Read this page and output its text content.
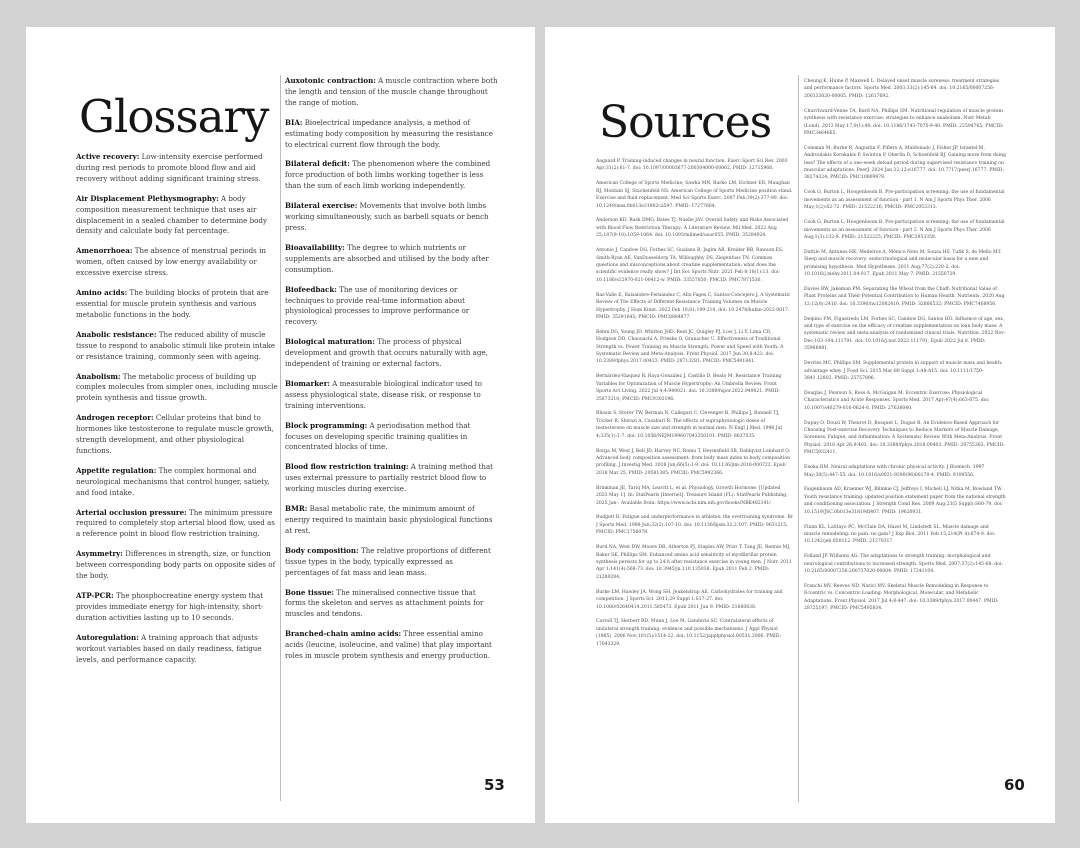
Glossary

Active recovery: Low-intensity exercise performed during rest periods to promote blood flow and aid recovery without adding significant training stress.

Air Displacement Plethysmography: A body composition measurement technique that uses air displacement in a sealed chamber to determine body density and calculate body fat percentage.

Amenorrhoea: The absence of menstrual periods in women, often caused by low energy availability or excessive exercise stress.

Amino acids: The building blocks of protein that are essential for muscle protein synthesis and various metabolic functions in the body.

Anabolic resistance: The reduced ability of muscle tissue to respond to anabolic stimuli like protein intake or resistance training, commonly seen with ageing.

Anabolism: The metabolic process of building up complex molecules from simpler ones, including muscle protein synthesis and tissue growth.

Androgen receptor: Cellular proteins that bind to hormones like testosterone to regulate muscle growth, strength development, and other physiological functions.

Appetite regulation: The complex hormonal and neurological mechanisms that control hunger, satiety, and food intake.

Arterial occlusion pressure: The minimum pressure required to completely stop arterial blood flow, used as a reference point in blood flow restriction training.

Asymmetry: Differences in strength, size, or function between corresponding body parts on opposite sides of the body.

ATP-PCR: The phosphocreatine energy system that provides immediate energy for high-intensity, short-duration activities lasting up to 10 seconds.

Autoregulation: A training approach that adjusts workout variables based on daily readiness, fatigue levels, and performance capacity.

Auxotonic contraction: A muscle contraction where both the length and tension of the muscle change throughout the range of motion.

BIA: Bioelectrical impedance analysis, a method of estimating body composition by measuring the resistance to electrical current flow through the body.

Bilateral deficit: The phenomenon where the combined force production of both limbs working together is less than the sum of each limb working independently.

Bilateral exercise: Movements that involve both limbs working simultaneously, such as barbell squats or bench press.

Bioavailability: The degree to which nutrients or supplements are absorbed and utilised by the body after consumption.

Biofeedback: The use of monitoring devices or techniques to provide real-time information about physiological processes to improve performance or recovery.

Biological maturation: The process of physical development and growth that occurs naturally with age, independent of training or external factors.

Biomarker: A measurable biological indicator used to assess physiological state, disease risk, or response to training interventions.

Block programming: A periodisation method that focuses on developing specific training qualities in concentrated blocks of time.

Blood flow restriction training: A training method that uses external pressure to partially restrict blood flow to working muscles during exercise.

BMR: Basal metabolic rate, the minimum amount of energy required to maintain basic physiological functions at rest.

Body composition: The relative proportions of different tissue types in the body, typically expressed as percentages of fat mass and lean mass.

Bone tissue: The mineralised connective tissue that forms the skeleton and serves as attachment points for muscles and tendons.

Branched-chain amino acids: Three essential amino acids (leucine, isoleucine, and valine) that play important roles in muscle protein synthesis and energy production.

53
Sources

Aagaard P. Training-induced changes in neural function. Exerc Sport Sci Rev. 2003 Apr;31(2):61-7. doi: 10.1097/00003677-200304000-00002. PMID: 12715968.

American College of Sports Medicine; Sawka MN, Burke LM, Eichner ER, Maughan RJ, Montain SJ, Stachenfeld NS. American College of Sports Medicine position stand. Exercise and fluid replacement. Med Sci Sports Exerc. 2007 Feb;39(2):377-90. doi: 10.1249/mss.0b013e31802ca597. PMID: 17277604.

Anderson KD, Rask DMG, Bates TJ, Nuelle JAV. Overall Safety and Risks Associated with Blood Flow Restriction Therapy: A Literature Review. Mil Med. 2022 Aug 25;187(9-10):1059-1064. doi: 10.1093/milmed/usac055. PMID: 35284924.

Antonio J, Candow DG, Forbes SC, Gualano B, Jagim AR, Kreider RB, Rawson ES, Smith-Ryan AE, VanDusseldorp TA, Willoughby DS, Ziegenfuss TN. Common questions and misconceptions about creatine supplementation: what does the scientific evidence really show? J Int Soc Sports Nutr. 2021 Feb 8;18(1):13. doi: 10.1186/s12970-021-00412-w. PMID: 33557850; PMCID: PMC7871530.

Baz-Valle E, Balsalobre-Fernández C, Alix-Fages C, Santos-Concejero J. A Systematic Review of The Effects of Different Resistance Training Volumes on Muscle Hypertrophy. J Hum Kinet. 2022 Feb 10;81:199-210. doi: 10.2478/hukin-2022-0017. PMID: 35291645; PMCID: PMC8884877.

Behm DG, Young JD, Whitten JHD, Reid JC, Quigley PJ, Low J, Li Y, Lima CD, Hodgson DD, Chaouachi A, Prieske O, Granacher U. Effectiveness of Traditional Strength vs. Power Training on Muscle Strength, Power and Speed with Youth: A Systematic Review and Meta-Analysis. Front Physiol. 2017 Jun 30;8:423. doi: 10.3389/fphys.2017.00423. PMID: 28713281; PMCID: PMC5491841.

Bernárdez-Vázquez R, Raya-González J, Castillo D, Beato M. Resistance Training Variables for Optimization of Muscle Hypertrophy: An Umbrella Review. Front Sports Act Living. 2022 Jul 4;4:949021. doi: 10.3389/fspor.2022.949021. PMID: 35873210; PMCID: PMC9302196.

Bhasin S, Storer TW, Berman N, Callegari C, Clevenger B, Phillips J, Bunnell TJ, Tricker R, Shirazi A, Casaburi R. The effects of supraphysiologic doses of testosterone on muscle size and strength in normal men. N Engl J Med. 1996 Jul 4;335(1):1-7. doi: 10.1056/NEJM199607043350101. PMID: 8637535.

Borga M, West J, Bell JD, Harvey NC, Romu T, Heymsfield SB, Dahlqvist Leinhard O. Advanced body composition assessment: from body mass index to body composition profiling. J Investig Med. 2018 Jun;66(5):1-9. doi: 10.1136/jim-2018-000722. Epub 2018 Mar 25. PMID: 29581385; PMCID: PMC5992366.

Brinkman JE, Tariq MA, Leavitt L, et al. Physiology, Growth Hormone. [Updated 2023 May 1]. In: StatPearls [Internet]. Treasure Island (FL): StatPearls Publishing; 2025 Jan-. Available from: https://www.ncbi.nlm.nih.gov/books/NBK482141/

Budgett R. Fatigue and underperformance in athletes: the overtraining syndrome. Br J Sports Med. 1998 Jun;32(2):107-10. doi: 10.1136/bjsm.32.2.107. PMID: 9631215; PMCID: PMC1756078.

Burd NA, West DW, Moore DR, Atherton PJ, Staples AW, Prior T, Tang JE, Rennie MJ, Baker SK, Phillips SM. Enhanced amino acid sensitivity of myofibrillar protein synthesis persists for up to 24 h after resistance exercise in young men. J Nutr. 2011 Apr 1;141(4):568-73. doi: 10.3945/jn.110.135038. Epub 2011 Feb 2. PMID: 21289204.

Burke LM, Hawley JA, Wong SH, Jeukendrup AE. Carbohydrates for training and competition. J Sports Sci. 2011;29 Suppl 1:S17-27. doi: 10.1080/02640414.2011.585473. Epub 2011 Jun 9. PMID: 21660838.

Carroll TJ, Herbert RD, Munn J, Lee M, Gandevia SC. Contralateral effects of unilateral strength training: evidence and possible mechanisms. J Appl Physiol (1985). 2006 Nov;101(5):1514-22. doi: 10.1152/japplphysiol.00531.2006. PMID: 17043329.

Cheung K, Hume P, Maxwell L. Delayed onset muscle soreness: treatment strategies and performance factors. Sports Med. 2003;33(2):145-64. doi: 10.2165/00007256-200333020-00005. PMID: 12617692.

Churchward-Venne TA, Burd NA, Phillips SM. Nutritional regulation of muscle protein synthesis with resistance exercise: strategies to enhance anabolism. Nutr Metab (Lond). 2012 May 17;9(1):40. doi: 10.1186/1743-7075-9-40. PMID: 22594765; PMCID: PMC3464665.

Coleman M, Burke R, Augustin F, Piñero A, Maldonado J, Fisher JP, Israetel M, Androulakis Korakakis P, Swinton P, Oberlin D, Schoenfeld BJ. Gaining more from doing less? The effects of a one-week deload period during supervised resistance training on muscular adaptations. PeerJ. 2024 Jan 22;12:e16777. doi: 10.7717/peerj.16777. PMID: 38274324; PMCID: PMC10809978.

Cook G, Burton L, Hoogenboom B. Pre-participation screening: the use of fundamental movements as an assessment of function - part 1. N Am J Sports Phys Ther. 2006 May;1(2):62-72. PMID: 21522216; PMCID: PMC2953313.

Cook G, Burton L, Hoogenboom B. Pre-participation screening: the use of fundamental movements as an assessment of function - part 2. N Am J Sports Phys Ther. 2006 Aug;1(3):132-9. PMID: 21522225; PMCID: PMC2953359.

Dattilo M, Antunes HK, Medeiros A, Mônico Neto M, Souza HS, Tufik S, de Mello MT. Sleep and muscle recovery: endocrinological and molecular basis for a new and promising hypothesis. Med Hypotheses. 2011 Aug;77(2):220-2. doi: 10.1016/j.mehy.2011.04.017. Epub 2011 May 7. PMID: 21550729.

Davies RW, Jakeman PM. Separating the Wheat from the Chaff: Nutritional Value of Plant Proteins and Their Potential Contribution to Human Health. Nutrients. 2020 Aug 12;12(8):2410. doi: 10.3390/nu12082410. PMID: 32806532; PMCID: PMC7468956.

Delpino FM, Figueiredo LM, Forbes SC, Candow DG, Santos HO. Influence of age, sex, and type of exercise on the efficacy of creatine supplementation on lean body mass: A systematic review and meta-analysis of randomized clinical trials. Nutrition. 2022 Nov-Dec;103-104:111791. doi: 10.1016/j.nut.2022.111791. Epub 2022 Jul 8. PMID: 35986981.

Devries MC, Phillips SM. Supplemental protein in support of muscle mass and health: advantage whey. J Food Sci. 2015 Mar;80 Suppl 1:A8-A15. doi: 10.1111/1750-3841.12802. PMID: 25757896.

Douglas J, Pearson S, Ross A, McGuigan M. Eccentric Exercise: Physiological Characteristics and Acute Responses. Sports Med. 2017 Apr;47(4):663-675. doi: 10.1007/s40279-016-0624-8. PMID: 27638040.

Dupuy O, Douzi W, Theurot D, Bosquet L, Dugué B. An Evidence-Based Approach for Choosing Post-exercise Recovery Techniques to Reduce Markers of Muscle Damage, Soreness, Fatigue, and Inflammation: A Systematic Review With Meta-Analysis. Front Physiol. 2018 Apr 26;9:403. doi: 10.3389/fphys.2018.00403. PMID: 29755363; PMCID: PMC5932411.

Enoka RM. Neural adaptations with chronic physical activity. J Biomech. 1997 May;30(5):447-55. doi: 10.1016/s0021-9290(96)00170-4. PMID: 9109556.

Faigenbaum AD, Kraemer WJ, Blimkie CJ, Jeffreys I, Micheli LJ, Nitka M, Rowland TW. Youth resistance training: updated position statement paper from the national strength and conditioning association. J Strength Cond Res. 2009 Aug;23(5 Suppl):S60-79. doi: 10.1519/JSC.0b013e31819df407. PMID: 19620931.

Flann KL, LaStayo PC, McClain DA, Hazel M, Lindstedt SL. Muscle damage and muscle remodeling: no pain, no gain? J Exp Biol. 2011 Feb 15;214(Pt 4):674-9. doi: 10.1242/jeb.050112. PMID: 21270317.

Folland JP, Williams AG. The adaptations to strength training: morphological and neurological contributions to increased strength. Sports Med. 2007;37(2):145-68. doi: 10.2165/00007256-200737020-00004. PMID: 17241104.

Franchi MV, Reeves ND, Narici MV. Skeletal Muscle Remodeling in Response to Eccentric vs. Concentric Loading: Morphological, Molecular, and Metabolic Adaptations. Front Physiol. 2017 Jul 4;8:447. doi: 10.3389/fphys.2017.00447. PMID: 28725197; PMCID: PMC5495834.

60
